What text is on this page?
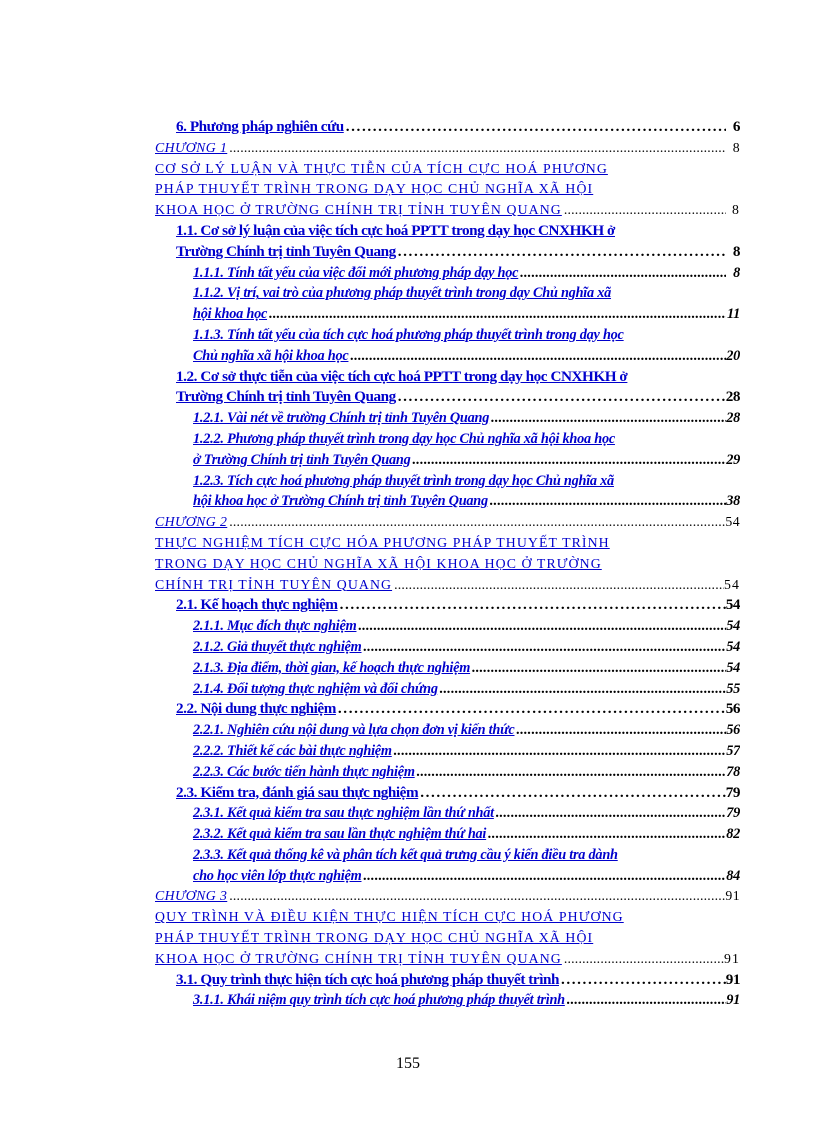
6. Phương pháp nghiên cứu .....	6
CHƯƠNG 1 .....	8
CƠ SỞ LÝ LUẬN VÀ THỰC TIỄN CỦA TÍCH CỰC HOÁ PHƯƠNG
PHÁP THUYẾT TRÌNH TRONG DẠY HỌC CHỦ NGHĨA XÃ HỘI
KHOA HỌC Ở TRƯỜNG CHÍNH TRỊ TỈNH TUYÊN QUANG .....	8
1.1. Cơ sở lý luận của việc tích cực hoá PPTT trong dạy học CNXHKH ở
Trường Chính trị tỉnh Tuyên Quang .....	8
1.1.1. Tính tất yếu của việc đổi mới phương pháp dạy học .....	8
1.1.2. Vị trí, vai trò của phương pháp thuyết trình trong dạy Chủ nghĩa xã
hội khoa học .....	11
1.1.3. Tính tất yếu của tích cực hoá phương pháp thuyết trình trong dạy học
Chủ nghĩa xã hội khoa học .....	20
1.2. Cơ sở thực tiễn của việc tích cực hoá PPTT trong dạy học CNXHKH ở
Trường Chính trị tỉnh Tuyên Quang .....	28
1.2.1. Vài nét về trường Chính trị tỉnh Tuyên Quang .....	28
1.2.2. Phương pháp thuyết trình trong dạy học Chủ nghĩa xã hội khoa học
ở Trường Chính trị tỉnh Tuyên Quang .....	29
1.2.3. Tích cực hoá phương pháp thuyết trình trong dạy học Chủ nghĩa xã
hội khoa học ở Trường Chính trị tỉnh Tuyên Quang .....	38
CHƯƠNG 2 .....	54
THỰC NGHIỆM TÍCH CỰC HÓA PHƯƠNG PHÁP THUYẾT TRÌNH
TRONG DẠY HỌC CHỦ NGHĨA XÃ HỘI KHOA HỌC Ở TRƯỜNG
CHÍNH TRỊ TỈNH TUYÊN QUANG .....	54
2.1. Kế hoạch thực nghiệm .....	54
2.1.1. Mục đích thực nghiệm .....	54
2.1.2. Giả thuyết thực nghiệm .....	54
2.1.3. Địa điểm, thời gian, kế hoạch thực nghiệm .....	54
2.1.4. Đối tượng thực nghiệm và đối chứng .....	55
2.2. Nội dung thực nghiệm .....	56
2.2.1. Nghiên cứu nội dung và lựa chọn đơn vị kiến thức .....	56
2.2.2. Thiết kế các bài thực nghiệm .....	57
2.2.3. Các bước tiến hành thực nghiệm .....	78
2.3. Kiểm tra, đánh giá sau thực nghiệm .....	79
2.3.1. Kết quả kiểm tra sau thực nghiệm lần thứ nhất .....	79
2.3.2. Kết quả kiểm tra sau lần thực nghiệm thứ hai .....	82
2.3.3. Kết quả thống kê và phân tích kết quả trưng cầu ý kiến điều tra dành
cho học viên lớp thực nghiệm .....	84
CHƯƠNG 3 .....	91
QUY TRÌNH VÀ ĐIỀU KIỆN THỰC HIỆN TÍCH CỰC HOÁ PHƯƠNG
PHÁP THUYẾT TRÌNH TRONG DẠY HỌC CHỦ NGHĨA XÃ HỘI
KHOA HỌC Ở TRƯỜNG CHÍNH TRỊ TỈNH TUYÊN QUANG .....	91
3.1. Quy trình thực hiện tích cực hoá phương pháp thuyết trình .....	91
3.1.1. Khái niệm quy trình tích cực hoá phương pháp thuyết trình .....	91
155
